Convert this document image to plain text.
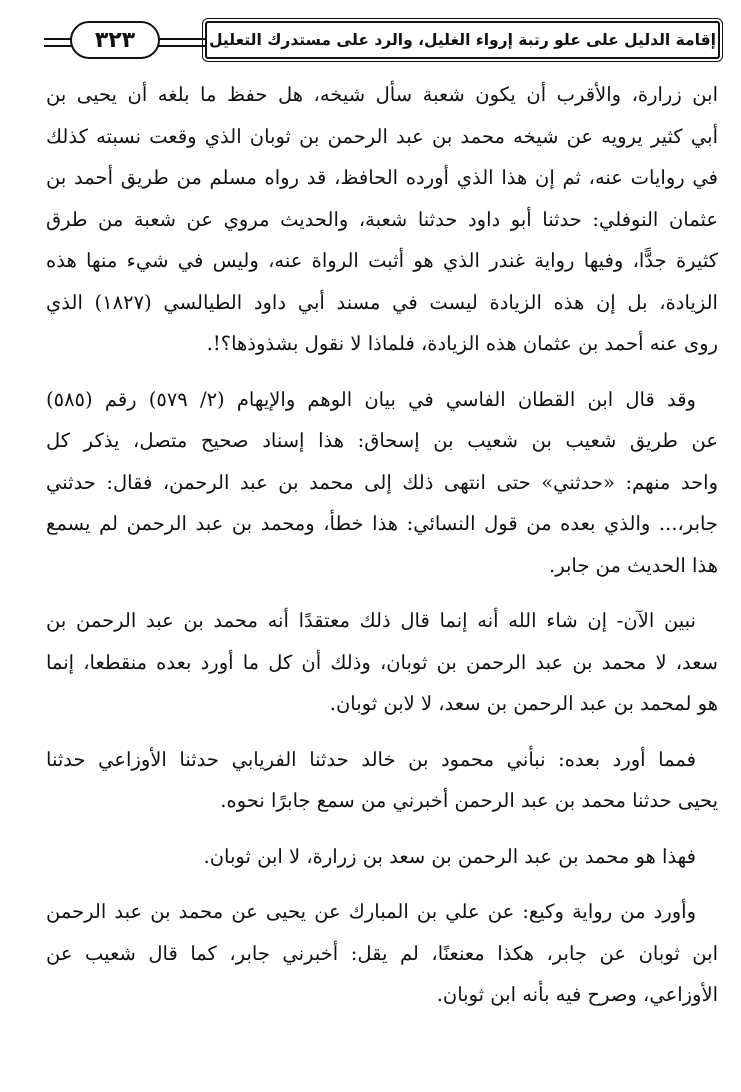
إقامة الدليل على علو رتبة إرواء الغليل، والرد على مستدرك التعليل
٣٢٣
ابن زرارة، والأقرب أن يكون شعبة سأل شيخه، هل حفظ ما بلغه أن يحيى بن
أبي كثير يرويه عن شيخه محمد بن عبد الرحمن بن ثوبان الذي وقعت نسبته كذلك
في روايات عنه، ثم إن هذا الذي أورده الحافظ، قد رواه مسلم من طريق أحمد بن
عثمان النوفلي: حدثنا أبو داود حدثنا شعبة، والحديث مروي عن شعبة من طرق
كثيرة جدًّا، وفيها رواية غندر الذي هو أثبت الرواة عنه، وليس في شيء منها هذه
الزيادة، بل إن هذه الزيادة ليست في مسند أبي داود الطيالسي (١٨٢٧) الذي
روى عنه أحمد بن عثمان هذه الزيادة، فلماذا لا نقول بشذوذها؟!.
وقد قال ابن القطان الفاسي في بيان الوهم والإيهام (٢/ ٥٧٩) رقم (٥٨٥)
عن طريق شعيب بن شعيب بن إسحاق: هذا إسناد صحيح متصل، يذكر كل
واحد منهم: «حدثني» حتى انتهى ذلك إلى محمد بن عبد الرحمن، فقال: حدثني
جابر،... والذي بعده من قول النسائي: هذا خطأ، ومحمد بن عبد الرحمن لم يسمع
هذا الحديث من جابر.
نبين الآن- إن شاء الله أنه إنما قال ذلك معتقدًا أنه محمد بن عبد الرحمن بن
سعد، لا محمد بن عبد الرحمن بن ثوبان، وذلك أن كل ما أورد بعده منقطعا، إنما
هو لمحمد بن عبد الرحمن بن سعد، لا لابن ثوبان.
فمما أورد بعده: نبأني محمود بن خالد حدثنا الفريابي حدثنا الأوزاعي حدثنا
يحيى حدثنا محمد بن عبد الرحمن أخبرني من سمع جابرًا نحوه.
فهذا هو محمد بن عبد الرحمن بن سعد بن زرارة، لا ابن ثوبان.
وأورد من رواية وكيع: عن علي بن المبارك عن يحيى عن محمد بن عبد الرحمن
ابن ثوبان عن جابر، هكذا معنعنًا، لم يقل: أخبرني جابر، كما قال شعيب عن
الأوزاعي، وصرح فيه بأنه ابن ثوبان.
